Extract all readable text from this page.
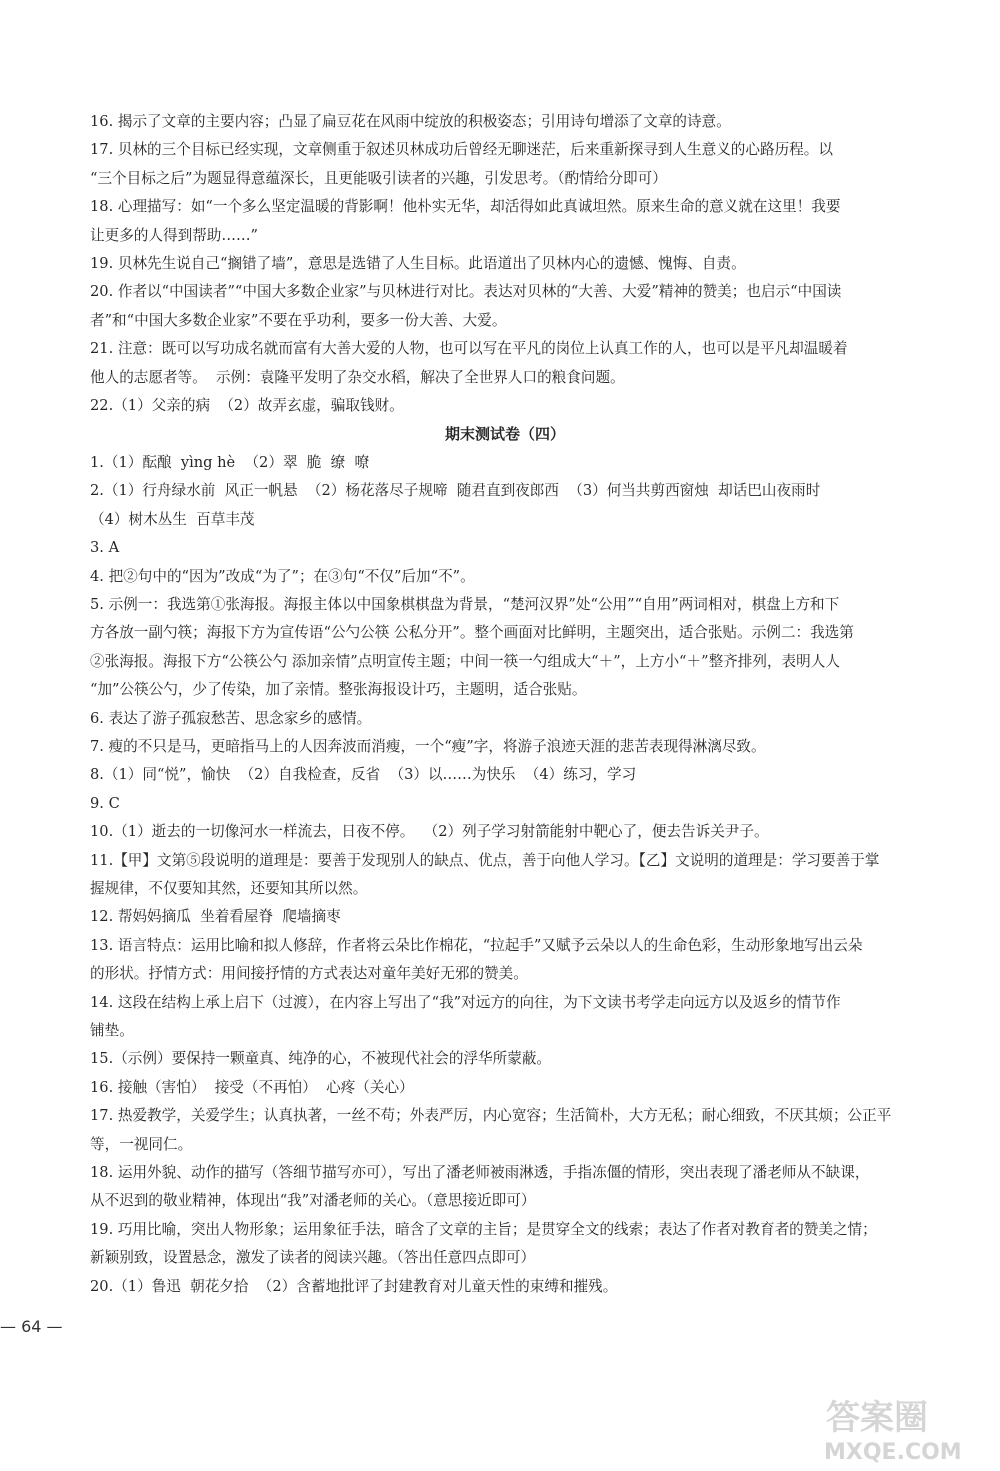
16. 揭示了文章的主要内容；凸显了扁豆花在风雨中绽放的积极姿态；引用诗句增添了文章的诗意。
17. 贝林的三个目标已经实现，文章侧重于叙述贝林成功后曾经无聊迷茫，后来重新探寻到人生意义的心路历程。以
“三个目标之后”为题显得意蕴深长，且更能吸引读者的兴趣，引发思考。（酌情给分即可）
18. 心理描写：如“一个多么坚定温暖的背影啊！他朴实无华，却活得如此真诚坦然。原来生命的意义就在这里！我要
让更多的人得到帮助……”
19. 贝林先生说自己“搁错了墙”，意思是选错了人生目标。此语道出了贝林内心的遗憾、愧悔、自责。
20. 作者以“中国读者”“中国大多数企业家”与贝林进行对比。表达对贝林的“大善、大爱”精神的赞美；也启示“中国读
者”和“中国大多数企业家”不要在乎功利，要多一份大善、大爱。
21. 注意：既可以写功成名就而富有大善大爱的人物，也可以写在平凡的岗位上认真工作的人，也可以是平凡却温暖着
他人的志愿者等。  示例：袁隆平发明了杂交水稻，解决了全世界人口的粮食问题。
22.（1）父亲的病  （2）故弄玄虚，骗取钱财。
期末测试卷（四）
1.（1）酝酿  yìng hè  （2）翠  脆  缭  嘹
2.（1）行舟绿水前  风正一帆悬  （2）杨花落尽子规啼  随君直到夜郎西  （3）何当共剪西窗烛  却话巴山夜雨时
（4）树木丛生  百草丰茂
3. A
4. 把②句中的“因为”改成“为了”；在③句“不仅”后加“不”。
5. 示例一：我选第①张海报。海报主体以中国象棋棋盘为背景，“楚河汉界”处“公用”“自用”两词相对，棋盘上方和下
方各放一副勺筷；海报下方为宣传语“公勺公筷 公私分开”。整个画面对比鲜明，主题突出，适合张贴。示例二：我选第
②张海报。海报下方“公筷公勺 添加亲情”点明宣传主题；中间一筷一勺组成大“＋”，上方小“＋”整齐排列，表明人人
“加”公筷公勺，少了传染，加了亲情。整张海报设计巧，主题明，适合张贴。
6. 表达了游子孤寂愁苦、思念家乡的感情。
7. 瘦的不只是马，更暗指马上的人因奔波而消瘦，一个“瘦”字，将游子浪迹天涯的悲苦表现得淋漓尽致。
8.（1）同“悦”，愉快  （2）自我检查，反省  （3）以……为快乐  （4）练习，学习
9. C
10.（1）逝去的一切像河水一样流去，日夜不停。  （2）列子学习射箭能射中靶心了，便去告诉关尹子。
11.【甲】文第⑤段说明的道理是：要善于发现别人的缺点、优点，善于向他人学习。【乙】文说明的道理是：学习要善于掌
握规律，不仅要知其然，还要知其所以然。
12. 帮妈妈摘瓜  坐着看屋脊  爬墙摘枣
13. 语言特点：运用比喻和拟人修辞，作者将云朵比作棉花，“拉起手”又赋予云朵以人的生命色彩，生动形象地写出云朵
的形状。抒情方式：用间接抒情的方式表达对童年美好无邪的赞美。
14. 这段在结构上承上启下（过渡），在内容上写出了“我”对远方的向往，为下文读书考学走向远方以及返乡的情节作
铺垫。
15.（示例）要保持一颗童真、纯净的心，不被现代社会的浮华所蒙蔽。
16. 接触（害怕）  接受（不再怕）  心疼（关心）
17. 热爱教学，关爱学生；认真执著，一丝不苟；外表严厉，内心宽容；生活简朴，大方无私；耐心细致，不厌其烦；公正平
等，一视同仁。
18. 运用外貌、动作的描写（答细节描写亦可），写出了潘老师被雨淋透，手指冻僵的情形，突出表现了潘老师从不缺课，
从不迟到的敬业精神，体现出“我”对潘老师的关心。（意思接近即可）
19. 巧用比喻，突出人物形象；运用象征手法，暗含了文章的主旨；是贯穿全文的线索；表达了作者对教育者的赞美之情；
新颖别致，设置悬念，激发了读者的阅读兴趣。（答出任意四点即可）
20.（1）鲁迅  朝花夕拾  （2）含蓄地批评了封建教育对儿童天性的束缚和摧残。
— 64 —
答案圈
MXQE.COM
